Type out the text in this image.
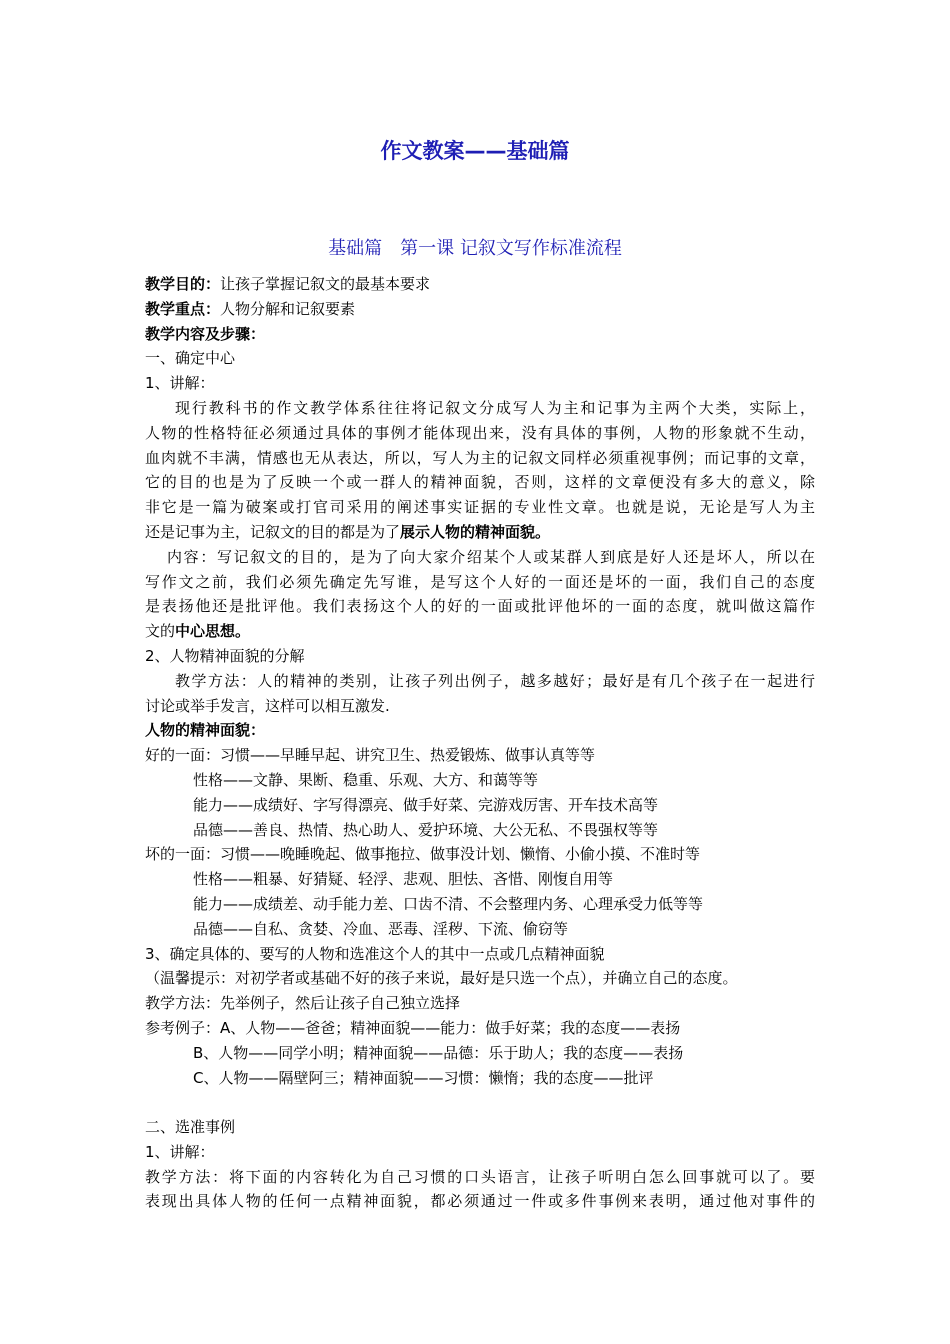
作文教案——基础篇
基础篇　第一课 记叙文写作标准流程
教学目的：让孩子掌握记叙文的最基本要求
教学重点：人物分解和记叙要素
教学内容及步骤：
一、确定中心
1、讲解：
现行教科书的作文教学体系往往将记叙文分成写人为主和记事为主两个大类，实际上，
人物的性格特征必须通过具体的事例才能体现出来，没有具体的事例，人物的形象就不生动，
血肉就不丰满，情感也无从表达，所以，写人为主的记叙文同样必须重视事例；而记事的文章，
它的目的也是为了反映一个或一群人的精神面貌，否则，这样的文章便没有多大的意义，除
非它是一篇为破案或打官司采用的阐述事实证据的专业性文章。也就是说，无论是写人为主
还是记事为主，记叙文的目的都是为了展示人物的精神面貌。
内容：写记叙文的目的，是为了向大家介绍某个人或某群人到底是好人还是坏人，所以在
写作文之前，我们必须先确定先写谁，是写这个人好的一面还是坏的一面，我们自己的态度
是表扬他还是批评他。我们表扬这个人的好的一面或批评他坏的一面的态度，就叫做这篇作
文的中心思想。
2、人物精神面貌的分解
教学方法：人的精神的类别，让孩子列出例子，越多越好；最好是有几个孩子在一起进行
讨论或举手发言，这样可以相互激发.
人物的精神面貌：
好的一面：习惯——早睡早起、讲究卫生、热爱锻炼、做事认真等等
性格——文静、果断、稳重、乐观、大方、和蔼等等
能力——成绩好、字写得漂亮、做手好菜、完游戏厉害、开车技术高等
品德——善良、热情、热心助人、爱护环境、大公无私、不畏强权等等
坏的一面：习惯——晚睡晚起、做事拖拉、做事没计划、懒惰、小偷小摸、不准时等
性格——粗暴、好猜疑、轻浮、悲观、胆怯、吝惜、刚愎自用等
能力——成绩差、动手能力差、口齿不清、不会整理内务、心理承受力低等等
品德——自私、贪婪、冷血、恶毒、淫秽、下流、偷窃等
3、确定具体的、要写的人物和选准这个人的其中一点或几点精神面貌
（温馨提示：对初学者或基础不好的孩子来说，最好是只选一个点），并确立自己的态度。
教学方法：先举例子，然后让孩子自己独立选择
参考例子：A、人物——爸爸；精神面貌——能力：做手好菜；我的态度——表扬
B、人物——同学小明；精神面貌——品德：乐于助人；我的态度——表扬
C、人物——隔壁阿三；精神面貌——习惯：懒惰；我的态度——批评
二、选准事例
1、讲解：
教学方法：将下面的内容转化为自己习惯的口头语言，让孩子听明白怎么回事就可以了。要
表现出具体人物的任何一点精神面貌，都必须通过一件或多件事例来表明，通过他对事件的
